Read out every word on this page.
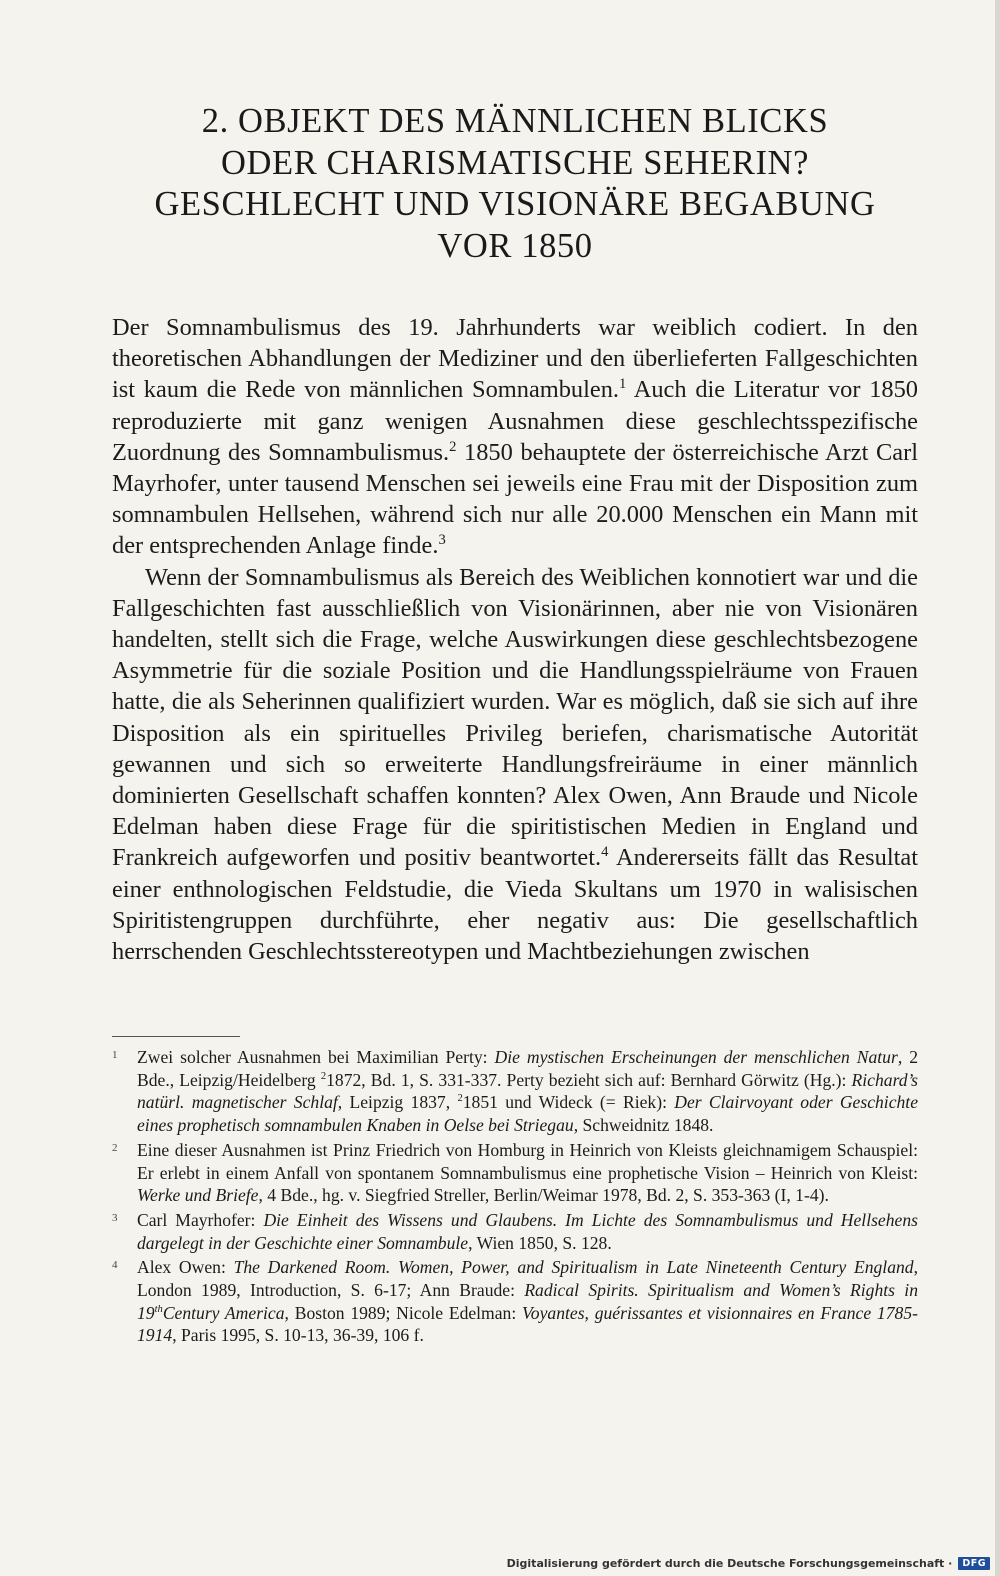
2. OBJEKT DES MÄNNLICHEN BLICKS
ODER CHARISMATISCHE SEHERIN?
GESCHLECHT UND VISIONÄRE BEGABUNG
VOR 1850

Der Somnambulismus des 19. Jahrhunderts war weiblich codiert. In den theoretischen Abhandlungen der Mediziner und den überlieferten Fallgeschichten ist kaum die Rede von männlichen Somnambulen.$^1$ Auch die Literatur vor 1850 reproduzierte mit ganz wenigen Ausnahmen diese geschlechtsspezifische Zuordnung des Somnambulismus.$^2$ 1850 behauptete der österreichische Arzt Carl Mayrhofer, unter tausend Menschen sei jeweils eine Frau mit der Disposition zum somnambulen Hellsehen, während sich nur alle 20.000 Menschen ein Mann mit der entsprechenden Anlage finde.$^3$

Wenn der Somnambulismus als Bereich des Weiblichen konnotiert war und die Fallgeschichten fast ausschließlich von Visionärinnen, aber nie von Visionären handelten, stellt sich die Frage, welche Auswirkungen diese geschlechtsbezogene Asymmetrie für die soziale Position und die Handlungsspielräume von Frauen hatte, die als Seherinnen qualifiziert wurden. War es möglich, daß sie sich auf ihre Disposition als ein spirituelles Privileg beriefen, charismatische Autorität gewannen und sich so erweiterte Handlungsfreiräume in einer männlich dominierten Gesellschaft schaffen konnten? Alex Owen, Ann Braude und Nicole Edelman haben diese Frage für die spiritistischen Medien in England und Frankreich aufgeworfen und positiv beantwortet.$^4$ Andererseits fällt das Resultat einer enthnologischen Feldstudie, die Vieda Skultans um 1970 in walisischen Spiritistengruppen durchführte, eher negativ aus: Die gesellschaftlich herrschenden Geschlechtsstereotypen und Machtbeziehungen zwischen

1	Zwei solcher Ausnahmen bei Maximilian Perty: Die mystischen Erscheinungen der menschlichen Natur, 2 Bde., Leipzig/Heidelberg $^2$1872, Bd. 1, S. 331-337. Perty bezieht sich auf: Bernhard Görwitz (Hg.): Richard’s natürl. magnetischer Schlaf, Leipzig 1837, $^2$1851 und Wideck (= Riek): Der Clairvoyant oder Geschichte eines prophetisch somnambulen Knaben in Oelse bei Striegau, Schweidnitz 1848.
2	Eine dieser Ausnahmen ist Prinz Friedrich von Homburg in Heinrich von Kleists gleichnamigem Schauspiel: Er erlebt in einem Anfall von spontanem Somnambulismus eine prophetische Vision – Heinrich von Kleist: Werke und Briefe, 4 Bde., hg. v. Siegfried Streller, Berlin/Weimar 1978, Bd. 2, S. 353-363 (I, 1-4).
3	Carl Mayrhofer: Die Einheit des Wissens und Glaubens. Im Lichte des Somnambulismus und Hellsehens dargelegt in der Geschichte einer Somnambule, Wien 1850, S. 128.
4	Alex Owen: The Darkened Room. Women, Power, and Spiritualism in Late Nineteenth Century England, London 1989, Introduction, S. 6-17; Ann Braude: Radical Spirits. Spiritualism and Women’s Rights in 19thCentury America, Boston 1989; Nicole Edelman: Voyantes, guérissantes et visionnaires en France 1785-1914, Paris 1995, S. 10-13, 36-39, 106 f.
Digitalisierung gefördert durch die Deutsche Forschungsgemeinschaft ·	DFG
